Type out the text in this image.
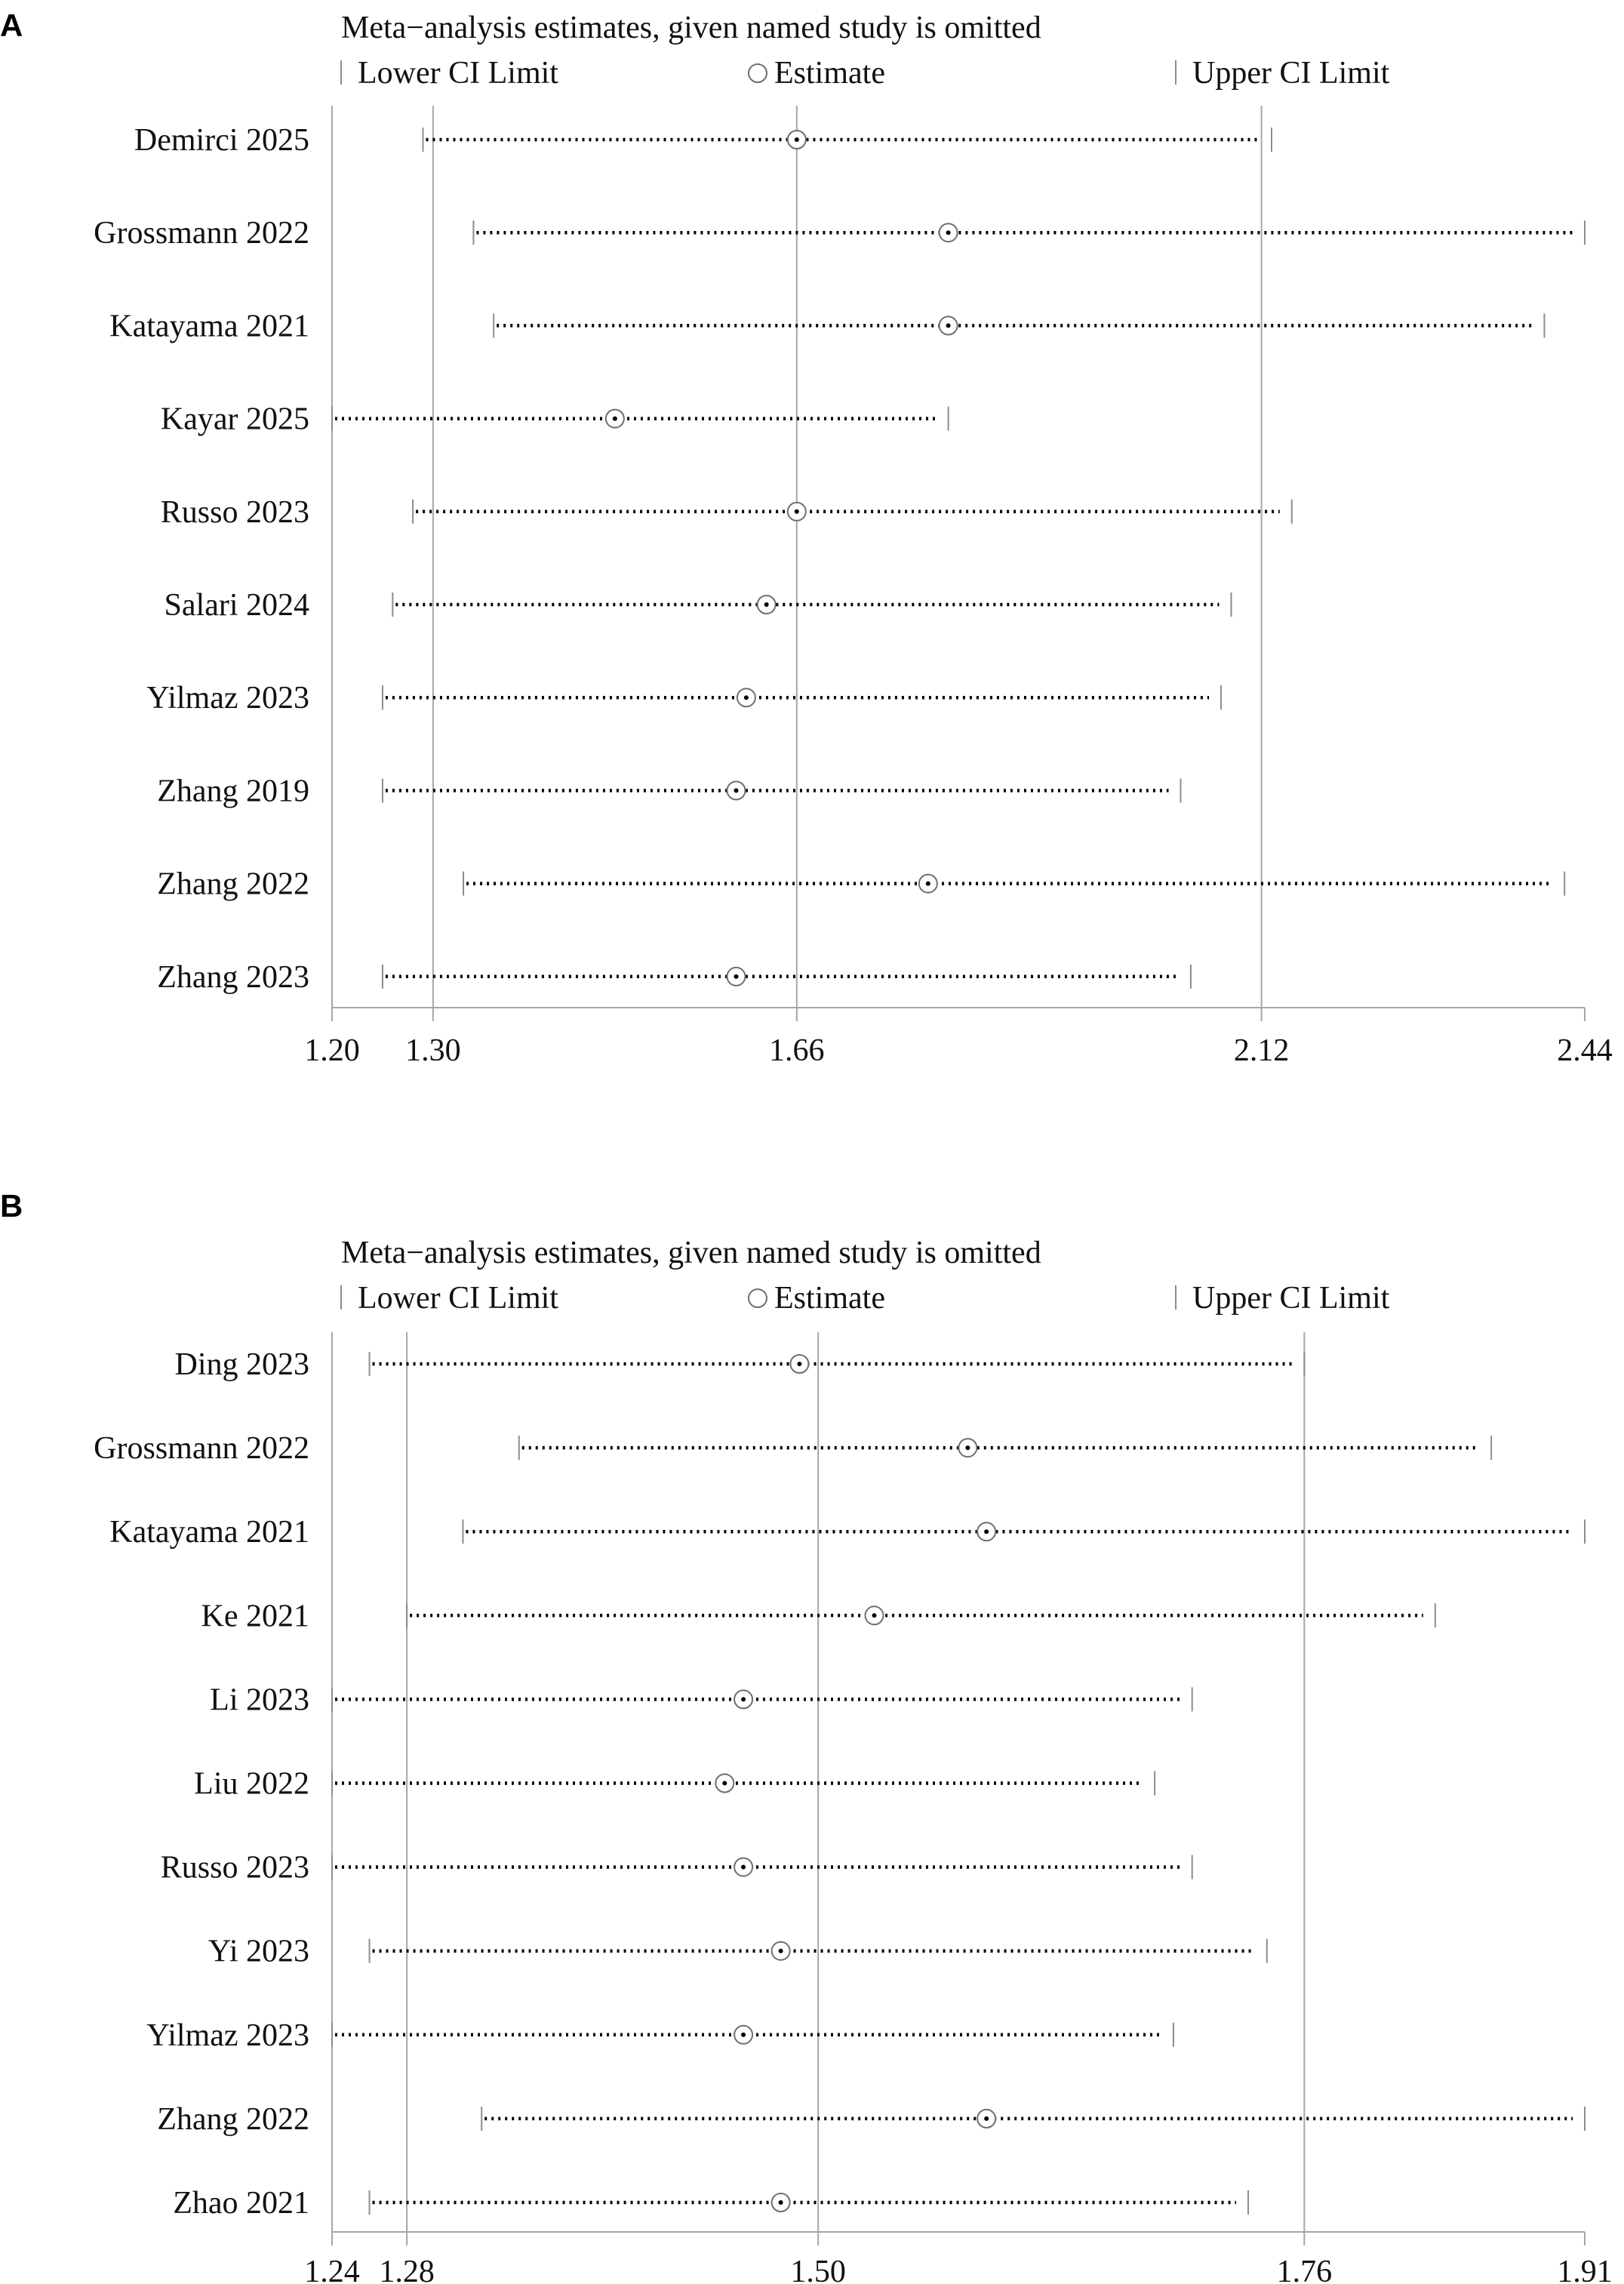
A	Meta−analysis estimates, given named study is omitted
Lower CI Limit	Estimate	Upper CI Limit
Demirci 2025
Grossmann 2022
Katayama 2021
Kayar 2025
Russo 2023
Salari 2024
Yilmaz 2023
Zhang 2019
Zhang 2022
Zhang 2023
1.20 1.30	1.66	2.12	2.44
B
Meta−analysis estimates, given named study is omitted
Lower CI Limit	Estimate	Upper CI Limit
Ding 2023
Grossmann 2022
Katayama 2021
Ke 2021
Li 2023
Liu 2022
Russo 2023
Yi 2023
Yilmaz 2023
Zhang 2022
Zhao 2021
1.24 1.28	1.50	1.76	1.91
